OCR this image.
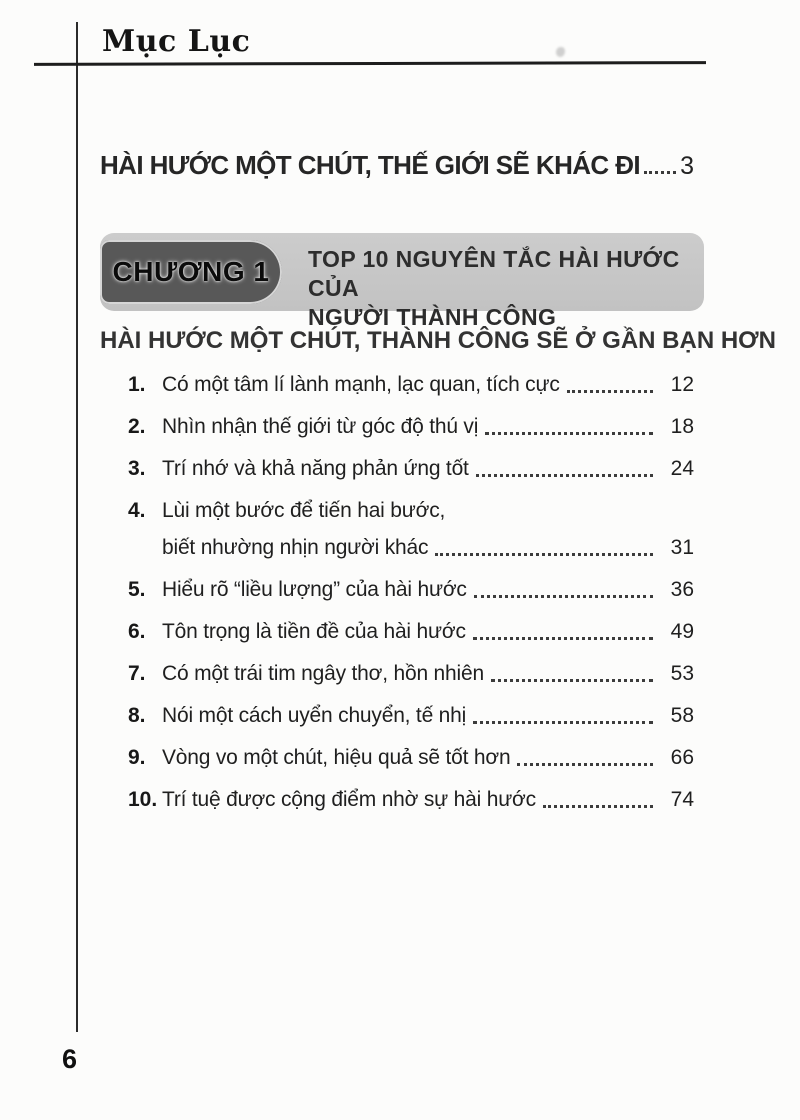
Mục Lục
HÀI HƯỚC MỘT CHÚT, THẾ GIỚI SẼ KHÁC ĐI 3
CHƯƠNG 1 TOP 10 NGUYÊN TẮC HÀI HƯỚC CỦA
NGƯỜI THÀNH CÔNG
HÀI HƯỚC MỘT CHÚT, THÀNH CÔNG SẼ Ở GẦN BẠN HƠN
1. Có một tâm lí lành mạnh, lạc quan, tích cực	12
2. Nhìn nhận thế giới từ góc độ thú vị	18
3. Trí nhớ và khả năng phản ứng tốt	24
4. Lùi một bước để tiến hai bước,
biết nhường nhịn người khác	31
5. Hiểu rõ “liều lượng” của hài hước	36
6. Tôn trọng là tiền đề của hài hước	49
7. Có một trái tim ngây thơ, hồn nhiên	53
8. Nói một cách uyển chuyển, tế nhị	58
9. Vòng vo một chút, hiệu quả sẽ tốt hơn	66
10. Trí tuệ được cộng điểm nhờ sự hài hước	74
6
